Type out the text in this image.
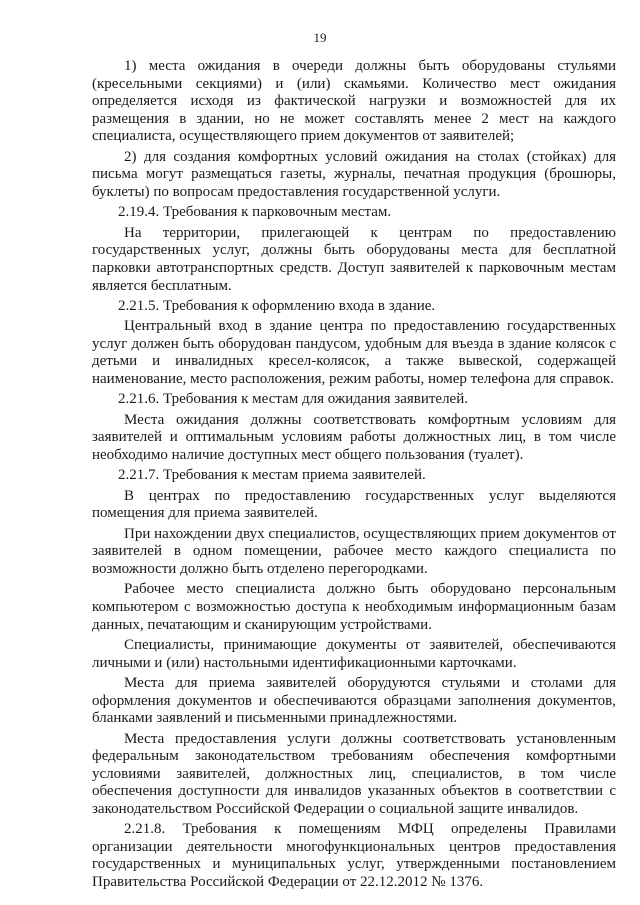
19

1) места ожидания в очереди должны быть оборудованы стульями (кресельными секциями) и (или) скамьями. Количество мест ожидания определяется исходя из фактической нагрузки и возможностей для их размещения в здании, но не может составлять менее 2 мест на каждого специалиста, осуществляющего прием документов от заявителей;

2) для создания комфортных условий ожидания на столах (стойках) для письма могут размещаться газеты, журналы, печатная продукция (брошюры, буклеты) по вопросам предоставления государственной услуги.

2.19.4. Требования к парковочным местам.

На территории, прилегающей к центрам по предоставлению государственных услуг, должны быть оборудованы места для бесплатной парковки автотранспортных средств. Доступ заявителей к парковочным местам является бесплатным.

2.21.5. Требования к оформлению входа в здание.

Центральный вход в здание центра по предоставлению государственных услуг должен быть оборудован пандусом, удобным для въезда в здание колясок с детьми и инвалидных кресел-колясок, а также вывеской, содержащей наименование, место расположения, режим работы, номер телефона для справок.

2.21.6. Требования к местам для ожидания заявителей.

Места ожидания должны соответствовать комфортным условиям для заявителей и оптимальным условиям работы должностных лиц, в том числе необходимо наличие доступных мест общего пользования (туалет).

2.21.7. Требования к местам приема заявителей.

В центрах по предоставлению государственных услуг выделяются помещения для приема заявителей.

При нахождении двух специалистов, осуществляющих прием документов от заявителей в одном помещении, рабочее место каждого специалиста по возможности должно быть отделено перегородками.

Рабочее место специалиста должно быть оборудовано персональным компьютером с возможностью доступа к необходимым информационным базам данных, печатающим и сканирующим устройствами.

Специалисты, принимающие документы от заявителей, обеспечиваются личными и (или) настольными идентификационными карточками.

Места для приема заявителей оборудуются стульями и столами для оформления документов и обеспечиваются образцами заполнения документов, бланками заявлений и письменными принадлежностями.

Места предоставления услуги должны соответствовать установленным федеральным законодательством требованиям обеспечения комфортными условиями заявителей, должностных лиц, специалистов, в том числе обеспечения доступности для инвалидов указанных объектов в соответствии с законодательством Российской Федерации о социальной защите инвалидов.

2.21.8. Требования к помещениям МФЦ определены Правилами организации деятельности многофункциональных центров предоставления государственных и муниципальных услуг, утвержденными постановлением Правительства Российской Федерации от 22.12.2012 № 1376.
